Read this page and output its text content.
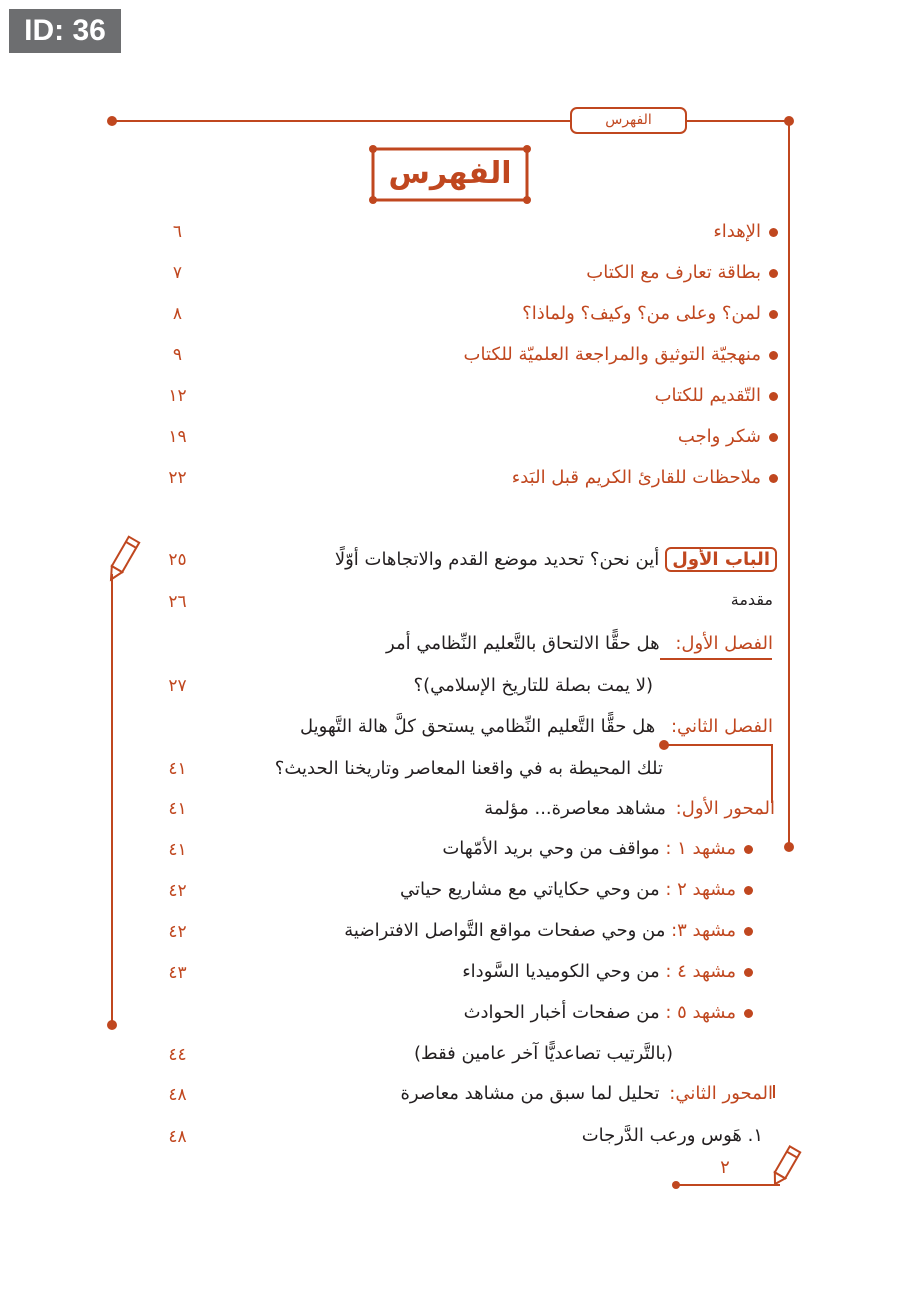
ID: 36
الفهرس
الفهرس
الإهداء
٦
بطاقة تعارف مع الكتاب
٧
لمن؟ وعلى من؟ وكيف؟ ولماذا؟
٨
منهجيّة التوثيق والمراجعة العلميّة للكتاب
٩
التّقديم للكتاب
١٢
شكر واجب
١٩
ملاحظات للقارئ الكريم قبل البَدء
٢٢
الباب الأولأين نحن؟ تحديد موضع القدم والاتجاهات أوّلًا
٢٥
مقدمة
٢٦
الفصل الأول: هل حقًّا الالتحاق بالتَّعليم النِّظامي أمر
(لا يمت بصلة للتاريخ الإسلامي)؟
٢٧
الفصل الثاني: هل حقًّا التَّعليم النِّظامي يستحق كلَّ هالة التَّهويل
تلك المحيطة به في واقعنا المعاصر وتاريخنا الحديث؟
٤١
المحور الأول: مشاهد معاصرة... مؤلمة
٤١
مشهد ١ : مواقف من وحي بريد الأمّهات
٤١
مشهد ٢ : من وحي حكاياتي مع مشاريع حياتي
٤٢
مشهد ٣: من وحي صفحات مواقع التَّواصل الافتراضية
٤٢
مشهد ٤ : من وحي الكوميديا السَّوداء
٤٣
مشهد ٥ : من صفحات أخبار الحوادث
(بالتَّرتيب تصاعديًّا آخر عامين فقط)
٤٤
المحور الثاني: تحليل لما سبق من مشاهد معاصرة
٤٨
١. هَوس ورعب الدَّرجات
٤٨
٢
